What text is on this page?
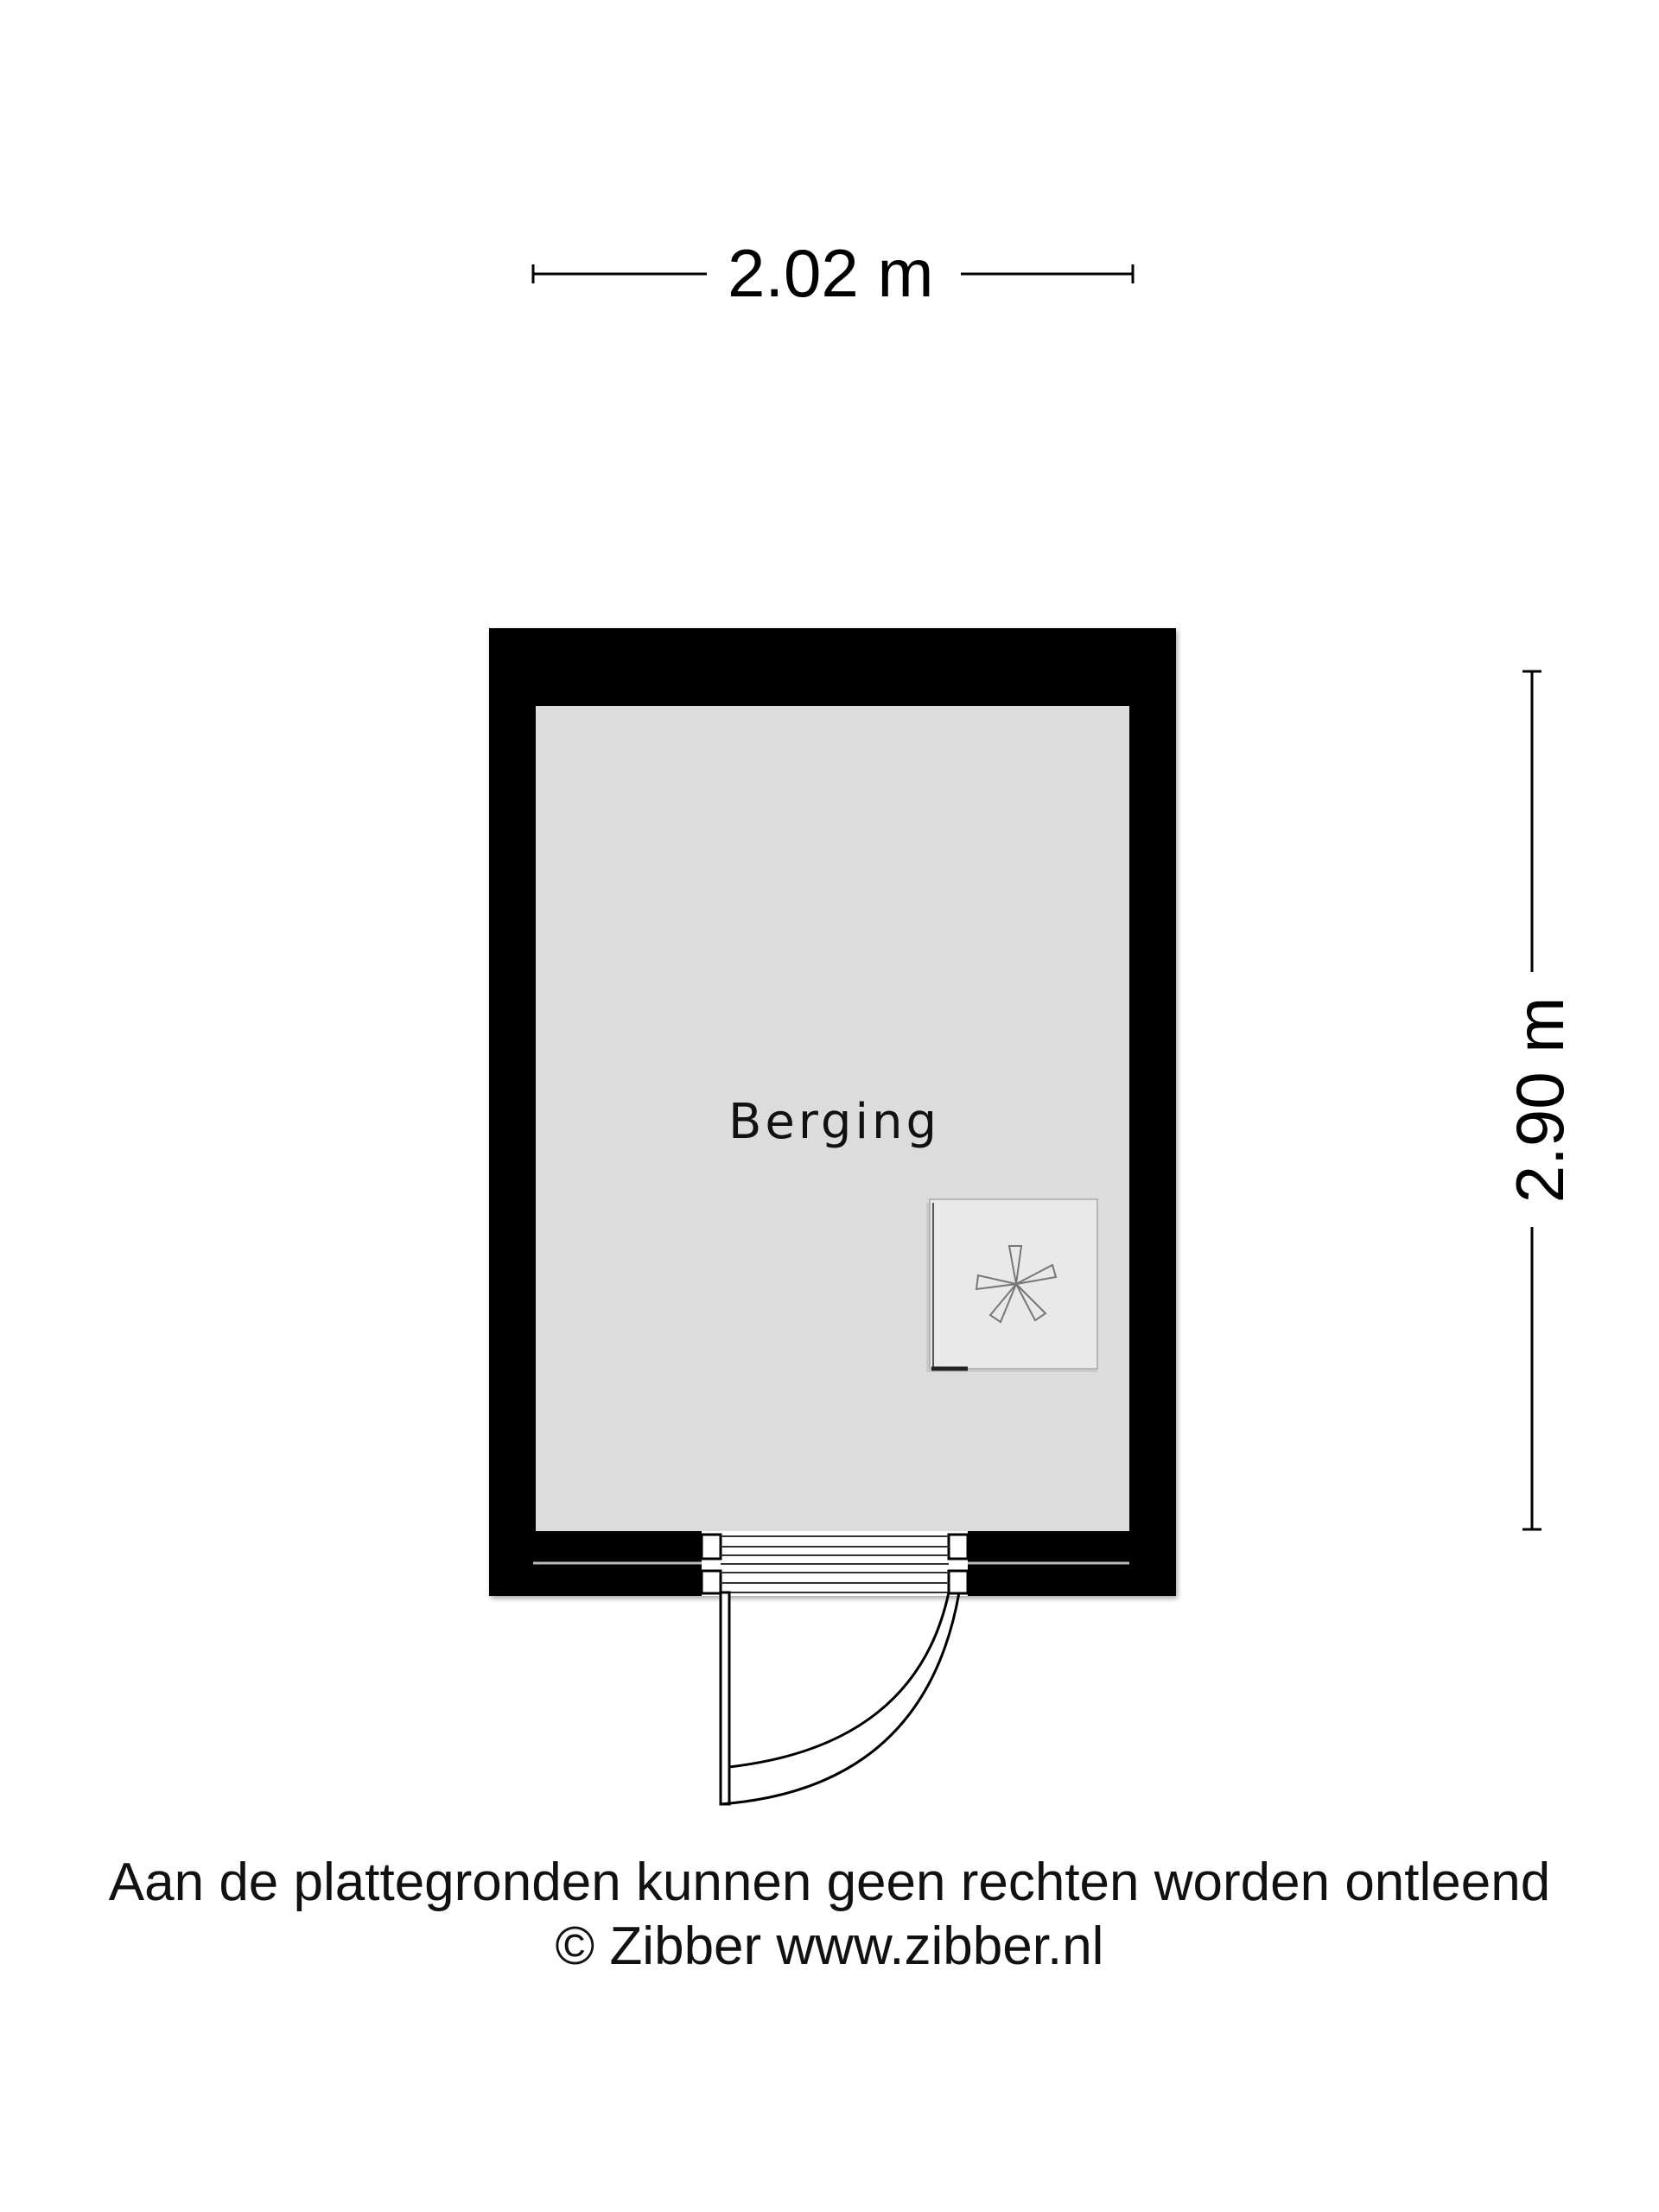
2.02 m
2.90 m
Berging
Aan de plattegronden kunnen geen rechten worden ontleend
© Zibber www.zibber.nl
